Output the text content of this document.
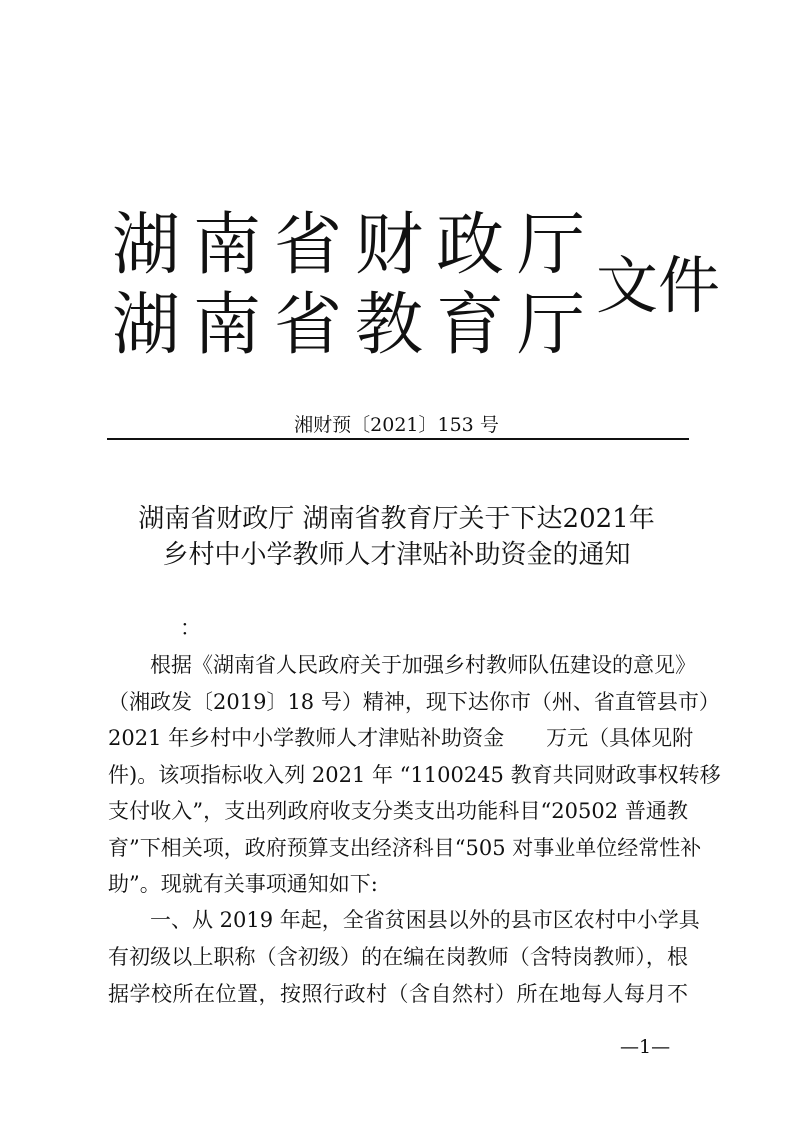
湖南省财政厅
湖南省教育厅
文件
湘财预〔2021〕153 号
湖南省财政厅 湖南省教育厅关于下达2021年
乡村中小学教师人才津贴补助资金的通知
：
根据《湖南省人民政府关于加强乡村教师队伍建设的意见》
（湘政发〔2019〕18 号）精神，现下达你市（州、省直管县市）
2021 年乡村中小学教师人才津贴补助资金　　万元（具体见附
件)。该项指标收入列 2021 年 “1100245 教育共同财政事权转移
支付收入”，支出列政府收支分类支出功能科目“20502 普通教
育”下相关项，政府预算支出经济科目“505 对事业单位经常性补
助”。现就有关事项通知如下:
一、从 2019 年起，全省贫困县以外的县市区农村中小学具
有初级以上职称（含初级）的在编在岗教师（含特岗教师），根
据学校所在位置，按照行政村（含自然村）所在地每人每月不
—1—
